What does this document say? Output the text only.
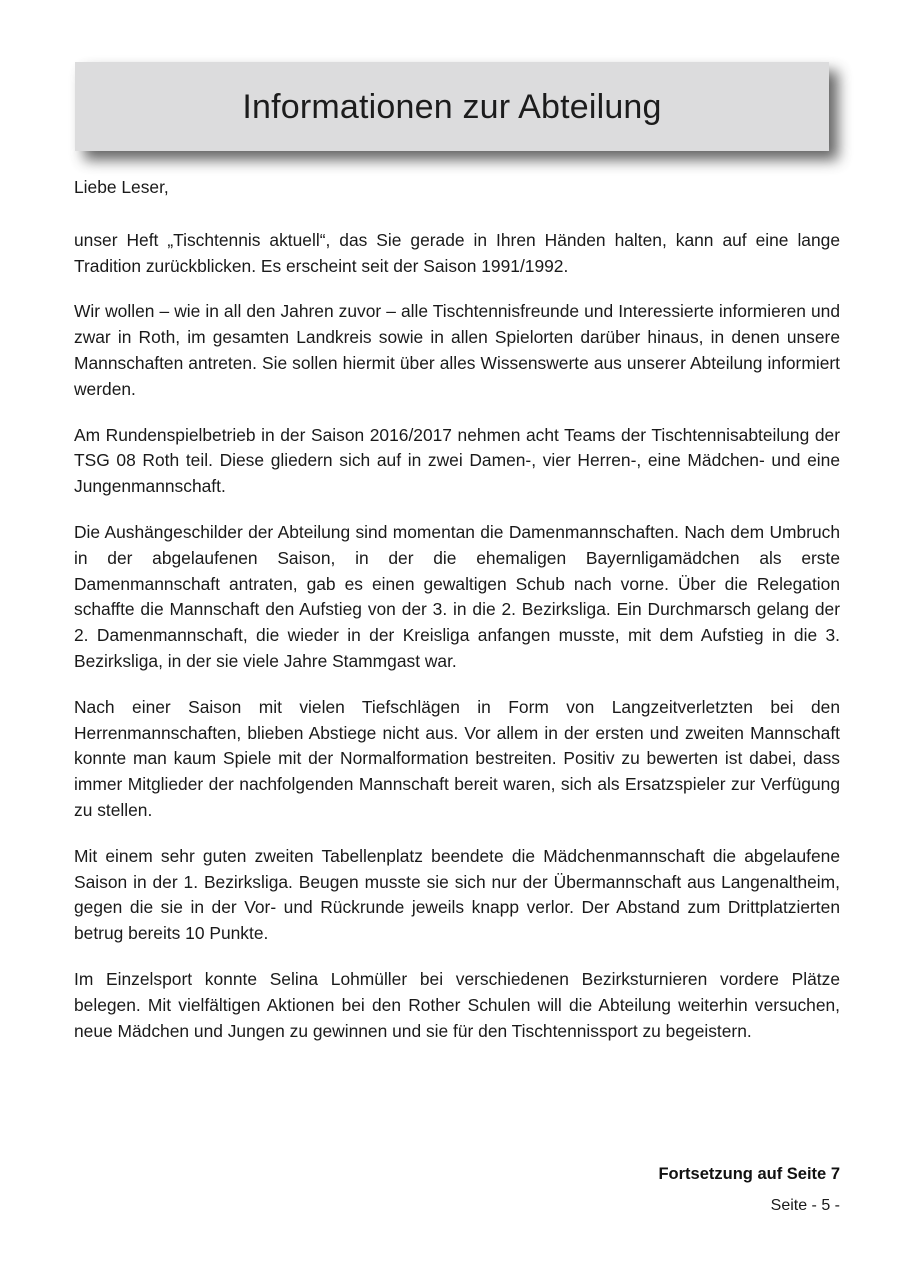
Informationen zur Abteilung

Liebe Leser,

unser Heft „Tischtennis aktuell“, das Sie gerade in Ihren Händen halten, kann auf eine lange Tradition zurückblicken. Es erscheint seit der Saison 1991/1992.

Wir wollen – wie in all den Jahren zuvor – alle Tischtennisfreunde und Interessierte informieren und zwar in Roth, im gesamten Landkreis sowie in allen Spielorten darüber hinaus, in denen unsere Mannschaften antreten. Sie sollen hiermit über alles Wissenswerte aus unserer Abteilung informiert werden.

Am Rundenspielbetrieb in der Saison 2016/2017 nehmen acht Teams der Tischtennisabteilung der TSG 08 Roth teil. Diese gliedern sich auf in zwei Damen-, vier Herren-, eine Mädchen- und eine Jungenmannschaft.

Die Aushängeschilder der Abteilung sind momentan die Damenmannschaften. Nach dem Umbruch in der abgelaufenen Saison, in der die ehemaligen Bayernligamädchen als erste Damenmannschaft antraten, gab es einen gewaltigen Schub nach vorne. Über die Relegation schaffte die Mannschaft den Aufstieg von der 3. in die 2. Bezirksliga. Ein Durchmarsch gelang der 2. Damenmannschaft, die wieder in der Kreisliga anfangen musste, mit dem Aufstieg in die 3. Bezirksliga, in der sie viele Jahre Stammgast war.

Nach einer Saison mit vielen Tiefschlägen in Form von Langzeitverletzten bei den Herrenmannschaften, blieben Abstiege nicht aus. Vor allem in der ersten und zweiten Mannschaft konnte man kaum Spiele mit der Normalformation bestreiten. Positiv zu bewerten ist dabei, dass immer Mitglieder der nachfolgenden Mannschaft bereit waren, sich als Ersatzspieler zur Verfügung zu stellen.

Mit einem sehr guten zweiten Tabellenplatz beendete die Mädchenmannschaft die abgelaufene Saison in der 1. Bezirksliga. Beugen musste sie sich nur der Übermannschaft aus Langenaltheim, gegen die sie in der Vor- und Rückrunde jeweils knapp verlor. Der Abstand zum Drittplatzierten betrug bereits 10 Punkte.

Im Einzelsport konnte Selina Lohmüller bei verschiedenen Bezirksturnieren vordere Plätze belegen. Mit vielfältigen Aktionen bei den Rother Schulen will die Abteilung weiterhin versuchen, neue Mädchen und Jungen zu gewinnen und sie für den Tischtennissport zu begeistern.

Fortsetzung auf Seite 7

Seite - 5 -
